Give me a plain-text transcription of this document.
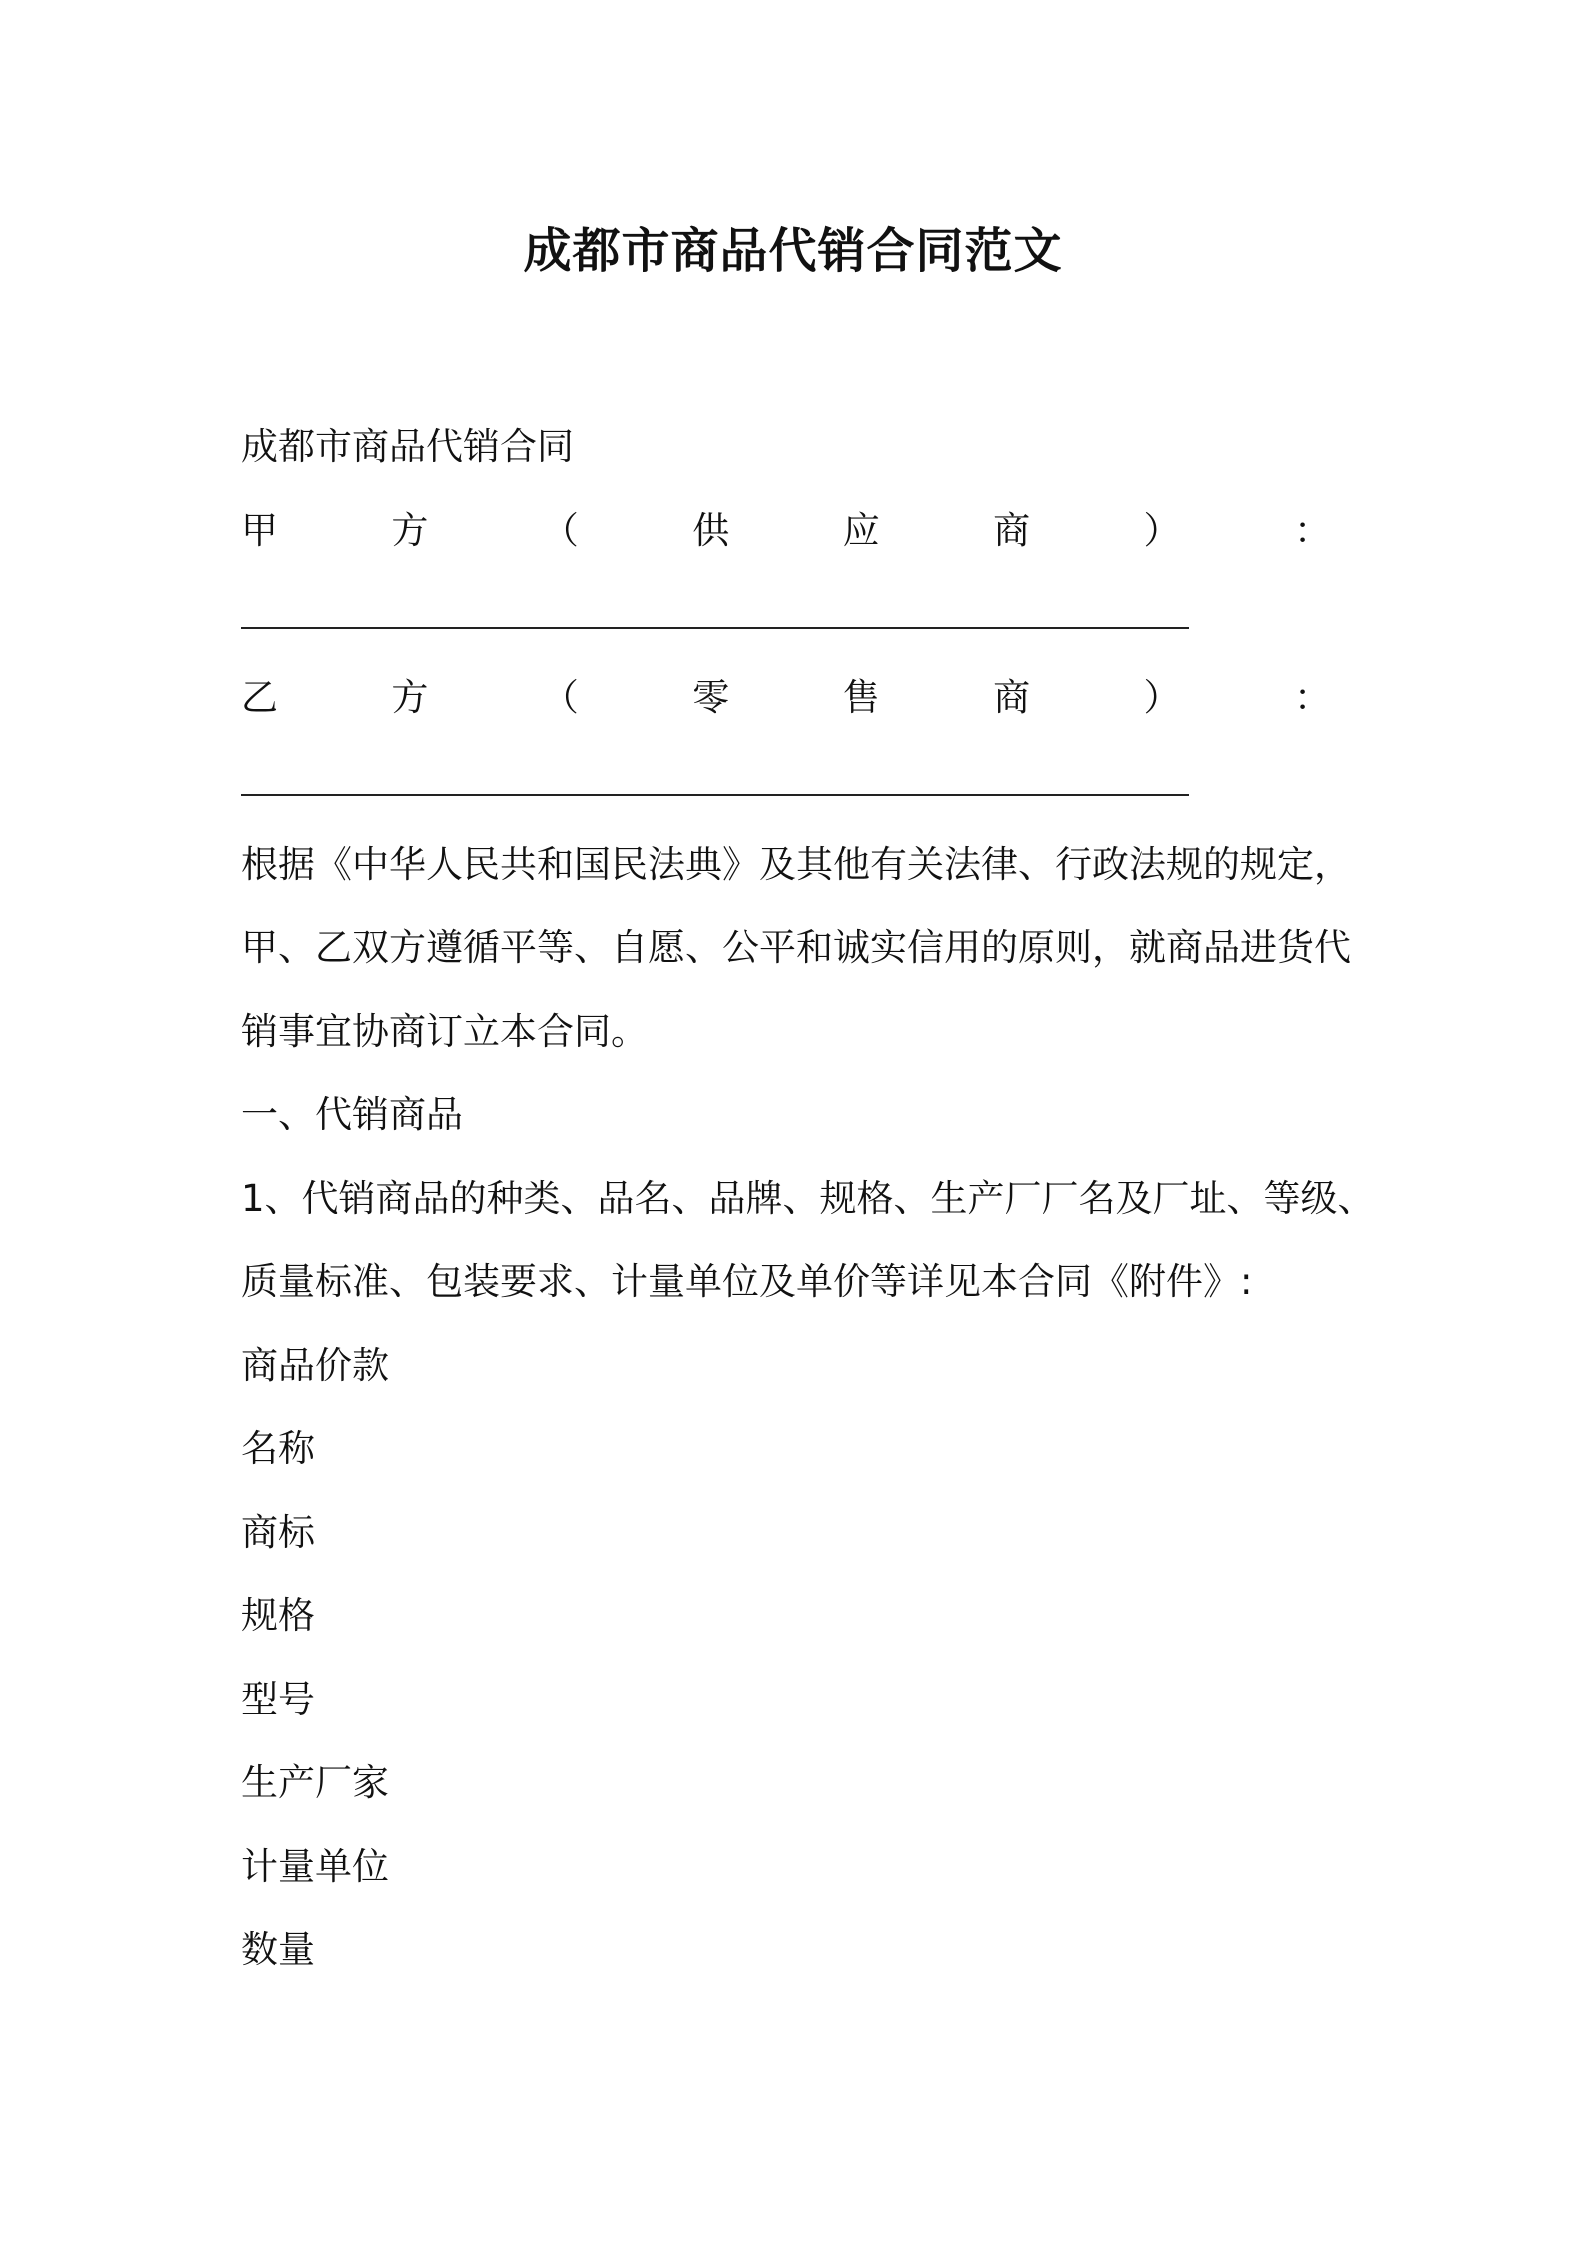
成都市商品代销合同范文
成都市商品代销合同
甲	方	（	供	应	商	）	：
乙	方	（	零	售	商	）	：
根据《中华人民共和国民法典》及其他有关法律、行政法规的规定，
甲、乙双方遵循平等、自愿、公平和诚实信用的原则，就商品进货代
销事宜协商订立本合同。
一、代销商品
1、代销商品的种类、品名、品牌、规格、生产厂厂名及厂址、等级、
质量标准、包装要求、计量单位及单价等详见本合同《附件》:
商品价款
名称
商标
规格
型号
生产厂家
计量单位
数量
